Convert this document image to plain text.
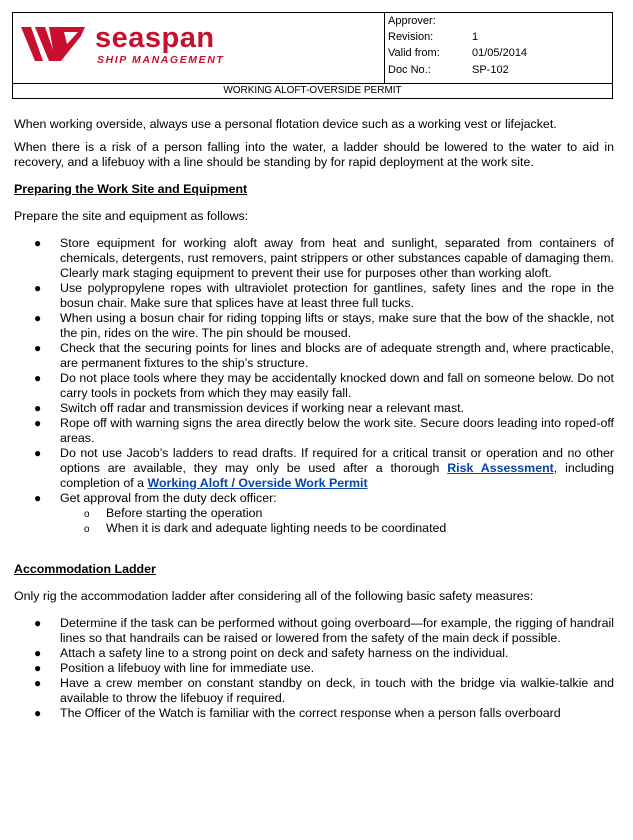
seaspan
SHIP MANAGEMENT
Approver:
Revision:	1
Valid from:	01/05/2014
Doc No.:	SP-102
WORKING ALOFT-OVERSIDE PERMIT

When working overside, always use a personal flotation device such as a working vest or lifejacket.

When there is a risk of a person falling into the water, a ladder should be lowered to the water to aid in recovery, and a lifebuoy with a line should be standing by for rapid deployment at the work site.

Preparing the Work Site and Equipment

Prepare the site and equipment as follows:

● Store equipment for working aloft away from heat and sunlight, separated from containers of chemicals, detergents, rust removers, paint strippers or other substances capable of damaging them. Clearly mark staging equipment to prevent their use for purposes other than working aloft.
● Use polypropylene ropes with ultraviolet protection for gantlines, safety lines and the rope in the bosun chair. Make sure that splices have at least three full tucks.
● When using a bosun chair for riding topping lifts or stays, make sure that the bow of the shackle, not the pin, rides on the wire. The pin should be moused.
● Check that the securing points for lines and blocks are of adequate strength and, where practicable, are permanent fixtures to the ship’s structure.
● Do not place tools where they may be accidentally knocked down and fall on someone below. Do not carry tools in pockets from which they may easily fall.
● Switch off radar and transmission devices if working near a relevant mast.
● Rope off with warning signs the area directly below the work site. Secure doors leading into roped-off areas.
● Do not use Jacob’s ladders to read drafts. If required for a critical transit or operation and no other options are available, they may only be used after a thorough Risk Assessment, including completion of a Working Aloft / Overside Work Permit
● Get approval from the duty deck officer:
o Before starting the operation
o When it is dark and adequate lighting needs to be coordinated

Accommodation Ladder

Only rig the accommodation ladder after considering all of the following basic safety measures:

● Determine if the task can be performed without going overboard—for example, the rigging of handrail lines so that handrails can be raised or lowered from the safety of the main deck if possible.
● Attach a safety line to a strong point on deck and safety harness on the individual.
● Position a lifebuoy with line for immediate use.
● Have a crew member on constant standby on deck, in touch with the bridge via walkie-talkie and available to throw the lifebuoy if required.
● The Officer of the Watch is familiar with the correct response when a person falls overboard
